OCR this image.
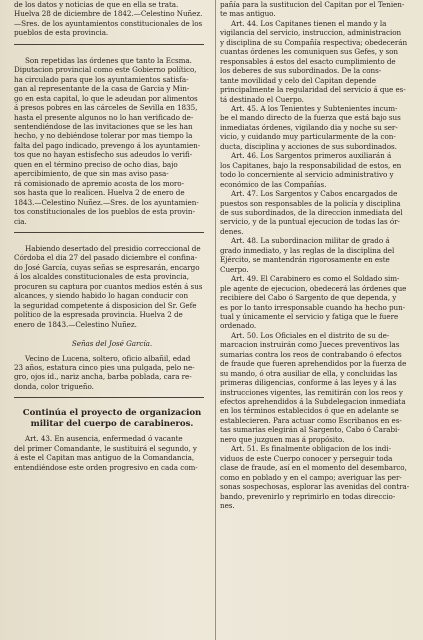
de los datos y noticias de que en ella se trata.

Huelva 28 de diciembre de 1842.—Celestino Nuñez.

—Sres. de los ayuntamientos constitucionales de los

pueblos de esta provincia.

Son repetidas las órdenes que tanto la Ecsma.

Diputacion provincial como este Gobierno político,

ha circulado para que los ayuntamientos satisfa-

gan al representante de la casa de Garcia y Min-

go en esta capital, lo que le adeudan por alimentos

á presos pobres en las cárceles de Sevilla en 1835,

hasta el presente algunos no lo han verificado de-

sentendiéndose de las invitaciones que se les han

hecho, y no debiéndose tolerar por mas tiempo la

falta del pago indicado, prevengo á los ayuntamien-

tos que no hayan estisfecho sus adeudos lo verifi-

quen en el término preciso de ocho dias, bajo

apercibimiento, de que sin mas aviso pasa-

rá comisionado de apremio acosta de los moro-

sos hasta que lo realicen. Huelva 2 de enero de

1843.—Celestino Nuñez.—Sres. de los ayuntamien-

tos constitucionales de los pueblos de esta provin-

cia.

Habiendo desertado del presidio correccional de

Córdoba el dia 27 del pasado diciembre el confina-

do José García, cuyas señas se espresarán, encargo

á los alcaldes constitucionales de esta provincia,

procuren su captura por cuantos medios estén á sus

alcances, y siendo habido lo hagan conducir con

la seguridad competente á disposicion del Sr. Gefe

político de la espresada provincia. Huelva 2 de

enero de 1843.—Celestino Nuñez.

Señas del José García.

Vecino de Lucena, soltero, oficio albañil, edad

23 años, estatura cinco pies una pulgada, pelo ne-

gro, ojos id., nariz ancha, barba poblada, cara re-

donda, color trigueño.

Continúa el proyecto de organizacion
militar del cuerpo de carabineros.

Art. 43. En ausencia, enfermedad ó vacante

del primer Comandante, le sustituirá el segundo, y

á este el Capitan mas antiguo de la Comandancia,

entendiéndose este orden progresivo en cada com-

pañía para la sustitucion del Capitan por el Tenien-

te mas antiguo.

Art. 44. Los Capitanes tienen el mando y la

vigilancia del servicio, instruccion, administracion

y disciplina de su Compañía respectiva; obedecerán

cuantas órdenes les comuniquen sus Gefes, y son

responsables á estos del esacto cumplimiento de

los deberes de sus subordinados. De la cons-

tante movilidad y celo del Capitan depende

principalmente la regularidad del servicio á que es-

tá destinado el Cuerpo.

Art. 45. A los Tenientes y Subtenientes incum-

be el mando directo de la fuerza que está bajo sus

inmediatas órdenes, vigilando dia y noche su ser-

vicio, y cuidando muy particularmente de la con-

ducta, disciplina y acciones de sus subordinados.

Art. 46. Los Sargentos primeros auxiliarán á

los Capitanes, bajo la responsabilidad de estos, en

todo lo concerniente al servicio administrativo y

económico de las Compañías.

Art. 47. Los Sargentos y Cabos encargados de

puestos son responsables de la policía y disciplina

de sus subordinados, de la direccion inmediata del

servicio, y de la puntual ejecucion de todas las ór-

denes.

Art. 48. La subordinacion militar de grado á

grado inmediato, y las reglas de la disciplina del

Ejército, se mantendrán rigorosamente en este

Cuerpo.

Art. 49. El Carabinero es como el Soldado sim-

ple agente de ejecucion, obedecerá las órdenes que

recibiere del Cabo ó Sargento de que dependa, y

es por lo tanto irresponsable cuando ha hecho pun-

tual y únicamente el servicio y fatiga que le fuere

ordenado.

Art. 50. Los Oficiales en el distrito de su de-

marcacion instruirán como Jueces preventivos las

sumarias contra los reos de contrabando ó efectos

de fraude que fueren aprehendidos por la fuerza de

su mando, ó otra ausiliar de ella, y concluidas las

primeras diligencias, conforme á las leyes y á las

instrucciones vigentes, las remitirán con los reos y

efectos aprehendidos á la Subdelegacion inmediata

en los términos establecidos ó que en adelante se

establecieren. Para actuar como Escribanos en es-

tas sumarias elegirán al Sargento, Cabo ó Carabi-

nero que juzguen mas á propósito.

Art. 51. Es finalmente obligacion de los indi-

viduos de este Cuerpo conocer y perseguir toda

clase de fraude, así en el momento del desembarco,

como en poblado y en el campo; averiguar las per-

sonas sospechosas, esplorar las avenidas del contra-

bando, prevenirlo y reprimirlo en todas direccio-

nes.
